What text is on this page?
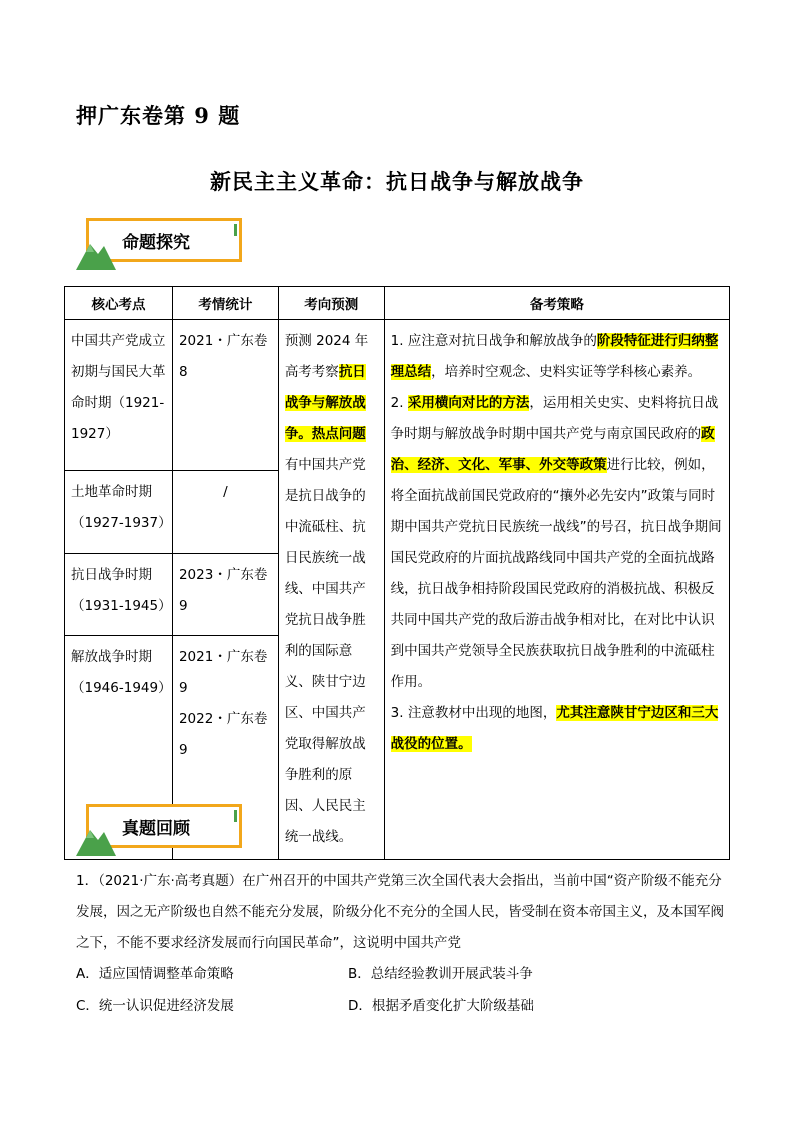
押广东卷第 9 题
新民主主义革命：抗日战争与解放战争
命题探究
核心考点	考情统计	考向预测	备考策略
中国共产党成立初期与国民大革命时期（1921-1927）	2021・广东卷 8	预测 2024 年高考考察抗日战争与解放战争。热点问题有中国共产党是抗日战争的中流砥柱、抗日民族统一战线、中国共产党抗日战争胜利的国际意义、陕甘宁边区、中国共产党取得解放战争胜利的原因、人民民主统一战线。	1. 应注意对抗日战争和解放战争的阶段特征进行归纳整理总结，培养时空观念、史料实证等学科核心素养。
2. 采用横向对比的方法，运用相关史实、史料将抗日战争时期与解放战争时期中国共产党与南京国民政府的政治、经济、文化、军事、外交等政策进行比较，例如，将全面抗战前国民党政府的“攘外必先安内”政策与同时期中国共产党抗日民族统一战线”的号召，抗日战争期间国民党政府的片面抗战路线同中国共产党的全面抗战路线，抗日战争相持阶段国民党政府的消极抗战、积极反共同中国共产党的敌后游击战争相对比，在对比中认识到中国共产党领导全民族获取抗日战争胜利的中流砥柱作用。
3. 注意教材中出现的地图，尤其注意陕甘宁边区和三大战役的位置。
土地革命时期（1927-1937）	/		
抗日战争时期（1931-1945）	2023・广东卷 9		
解放战争时期（1946-1949）	2021・广东卷 9
2022・广东卷 9		
真题回顾
1．（2021·广东·高考真题）在广州召开的中国共产党第三次全国代表大会指出，当前中国“资产阶级不能充分发展，因之无产阶级也自然不能充分发展，阶级分化不充分的全国人民，皆受制在资本帝国主义，及本国军阀之下，不能不要求经济发展而行向国民革命”，这说明中国共产党
A．适应国情调整革命策略	B．总结经验教训开展武装斗争
C．统一认识促进经济发展	D．根据矛盾变化扩大阶级基础
